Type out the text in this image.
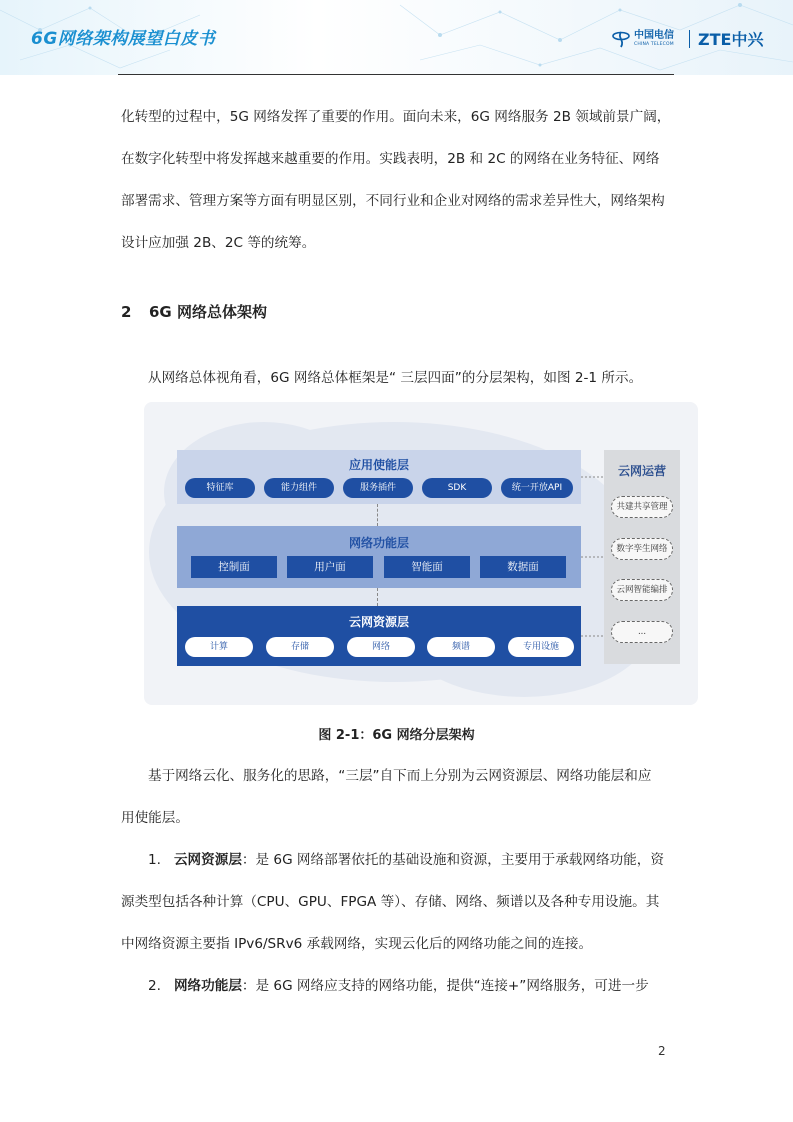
6G网络架构展望白皮书	中国电信
CHINA TELECOM ZTE中兴
化转型的过程中，5G 网络发挥了重要的作用。面向未来，6G 网络服务 2B 领域前景广阔，
在数字化转型中将发挥越来越重要的作用。实践表明，2B 和 2C 的网络在业务特征、网络
部署需求、管理方案等方面有明显区别，不同行业和企业对网络的需求差异性大，网络架构
设计应加强 2B、2C 等的统筹。
2 6G 网络总体架构
从网络总体视角看，6G 网络总体框架是“ 三层四面”的分层架构，如图 2-1 所示。
应用使能层
特征库	能力组件	服务插件	SDK	统一开放API
网络功能层
控制面	用户面	智能面	数据面
云网资源层
计算	存储	网络	频谱	专用设施
云网运营
共建共享管理
数字孪生网络
云网智能编排
...
图 2-1：6G 网络分层架构
基于网络云化、服务化的思路，“三层”自下而上分别为云网资源层、网络功能层和应
用使能层。
1. 云网资源层：是 6G 网络部署依托的基础设施和资源，主要用于承载网络功能，资
源类型包括各种计算（CPU、GPU、FPGA 等）、存储、网络、频谱以及各种专用设施。其
中网络资源主要指 IPv6/SRv6 承载网络，实现云化后的网络功能之间的连接。
2. 网络功能层：是 6G 网络应支持的网络功能，提供“连接+”网络服务，可进一步
2
